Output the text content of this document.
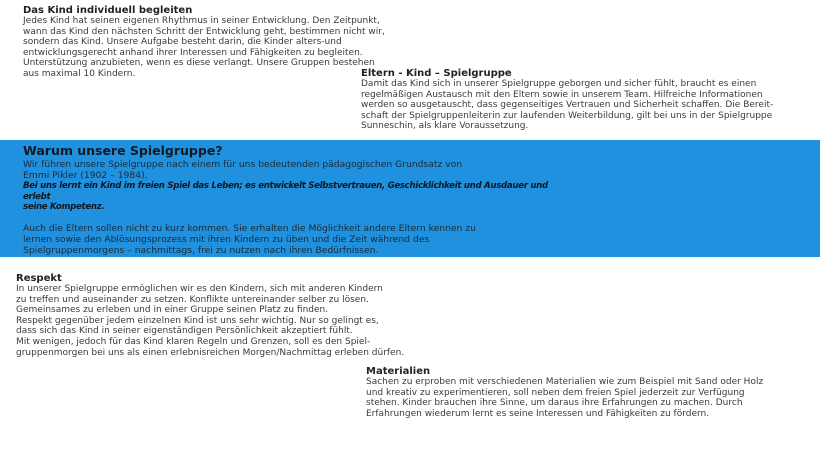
Das Kind individuell begleiten

Jedes Kind hat seinen eigenen Rhythmus in seiner Entwicklung. Den Zeitpunkt,
wann das Kind den nächsten Schritt der Entwicklung geht, bestimmen nicht wir,
sondern das Kind. Unsere Aufgabe besteht darin, die Kinder alters-und
entwicklungsgerecht anhand ihrer Interessen und Fähigkeiten zu begleiten.
Unterstützung anzubieten, wenn es diese verlangt. Unsere Gruppen bestehen
aus maximal 10 Kindern.	Eltern - Kind – Spielgruppe

Damit das Kind sich in unserer Spielgruppe geborgen und sicher fühlt, braucht es einen
regelmäßigen Austausch mit den Eltern sowie in unserem Team. Hilfreiche Informationen
werden so ausgetauscht, dass gegenseitiges Vertrauen und Sicherheit schaffen. Die Bereit-
schaft der Spielgruppenleiterin zur laufenden Weiterbildung, gilt bei uns in der Spielgruppe
Sunneschin, als klare Voraussetzung.

Warum unsere Spielgruppe?

Wir führen unsere Spielgruppe nach einem für uns bedeutenden pädagogischen Grundsatz von
Emmi Pikler (1902 – 1984).

Bei uns lernt ein Kind im freien Spiel das Leben; es entwickelt Selbstvertrauen, Geschicklichkeit und Ausdauer und erlebt
seine Kompetenz.

Auch die Eltern sollen nicht zu kurz kommen. Sie erhalten die Möglichkeit andere Eltern kennen zu
lernen sowie den Ablösungsprozess mit ihren Kindern zu üben und die Zeit während des
Spielgruppenmorgens – nachmittags, frei zu nutzen nach ihren Bedürfnissen.

Respekt

In unserer Spielgruppe ermöglichen wir es den Kindern, sich mit anderen Kindern
zu treffen und auseinander zu setzen. Konflikte untereinander selber zu lösen.
Gemeinsames zu erleben und in einer Gruppe seinen Platz zu finden.
Respekt gegenüber jedem einzelnen Kind ist uns sehr wichtig. Nur so gelingt es,
dass sich das Kind in seiner eigenständigen Persönlichkeit akzeptiert fühlt.
Mit wenigen, jedoch für das Kind klaren Regeln und Grenzen, soll es den Spiel-
gruppenmorgen bei uns als einen erlebnisreichen Morgen/Nachmittag erleben dürfen.

Materialien

Sachen zu erproben mit verschiedenen Materialien wie zum Beispiel mit Sand oder Holz
und kreativ zu experimentieren, soll neben dem freien Spiel jederzeit zur Verfügung
stehen. Kinder brauchen ihre Sinne, um daraus ihre Erfahrungen zu machen. Durch
Erfahrungen wiederum lernt es seine Interessen und Fähigkeiten zu fördern.
